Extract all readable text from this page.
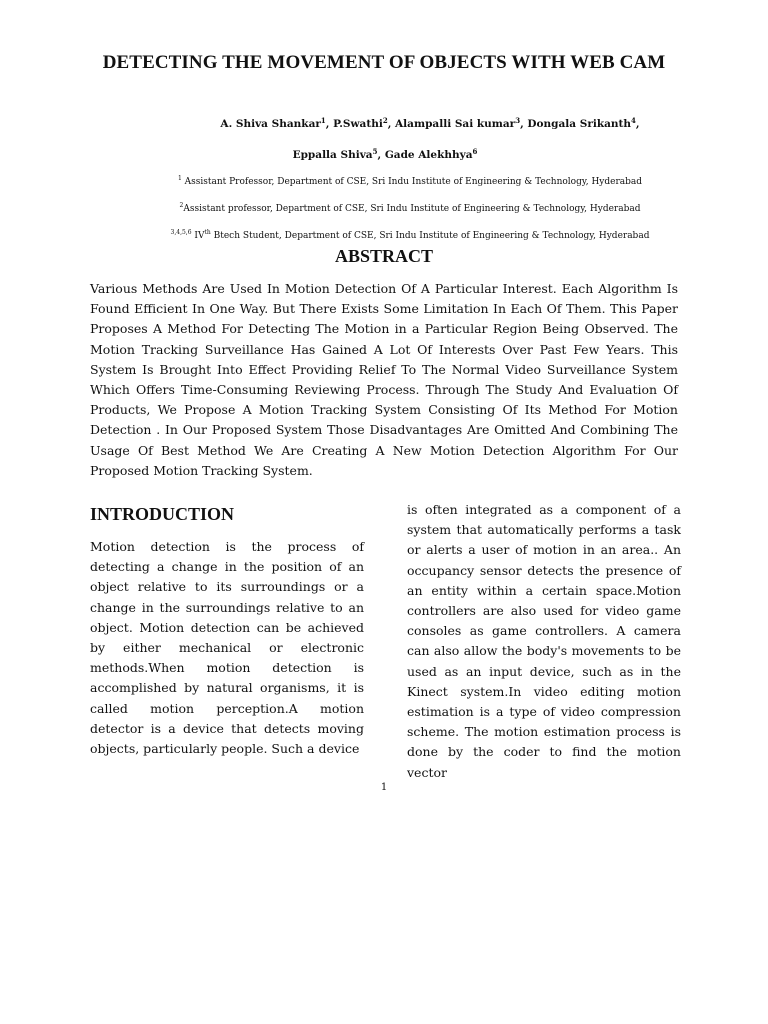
DETECTING THE MOVEMENT OF OBJECTS WITH WEB CAM

A. Shiva Shankar$^1$, P.Swathi$^2$, Alampalli Sai kumar$^3$, Dongala Srikanth$^4$,

Eppalla Shiva$^5$, Gade Alekhhya$^6$

$^1$ Assistant Professor, Department of CSE, Sri Indu Institute of Engineering & Technology, Hyderabad

$^2$Assistant professor, Department of CSE, Sri Indu Institute of Engineering & Technology, Hyderabad

$^{3,4,5,6}$ IVth Btech Student, Department of CSE, Sri Indu Institute of Engineering & Technology, Hyderabad

ABSTRACT

Various Methods Are Used In Motion Detection Of A Particular Interest. Each Algorithm Is Found Efficient In One Way. But There Exists Some Limitation In Each Of Them. This Paper Proposes A Method For Detecting The Motion in a Particular Region Being Observed. The Motion Tracking Surveillance Has Gained A Lot Of Interests Over Past Few Years. This System Is Brought Into Effect Providing Relief To The Normal Video Surveillance System Which Offers Time-Consuming Reviewing Process. Through The Study And Evaluation Of Products, We Propose A Motion Tracking System Consisting Of Its Method For Motion Detection . In Our Proposed System Those Disadvantages Are Omitted And Combining The Usage Of Best Method We Are Creating A New Motion Detection Algorithm For Our Proposed Motion Tracking System.

INTRODUCTION

Motion detection is the process of detecting a change in the position of an object relative to its surroundings or a change in the surroundings relative to an object. Motion detection can be achieved by either mechanical or electronic methods.When motion detection is accomplished by natural organisms, it is called motion perception.A motion detector is a device that detects moving objects, particularly people. Such a device

is often integrated as a component of a system that automatically performs a task or alerts a user of motion in an area.. An occupancy sensor detects the presence of an entity within a certain space.Motion controllers are also used for video game consoles as game controllers. A camera can also allow the body's movements to be used as an input device, such as in the Kinect system.In video editing motion estimation is a type of video compression scheme. The motion estimation process is done by the coder to find the motion vector

1
